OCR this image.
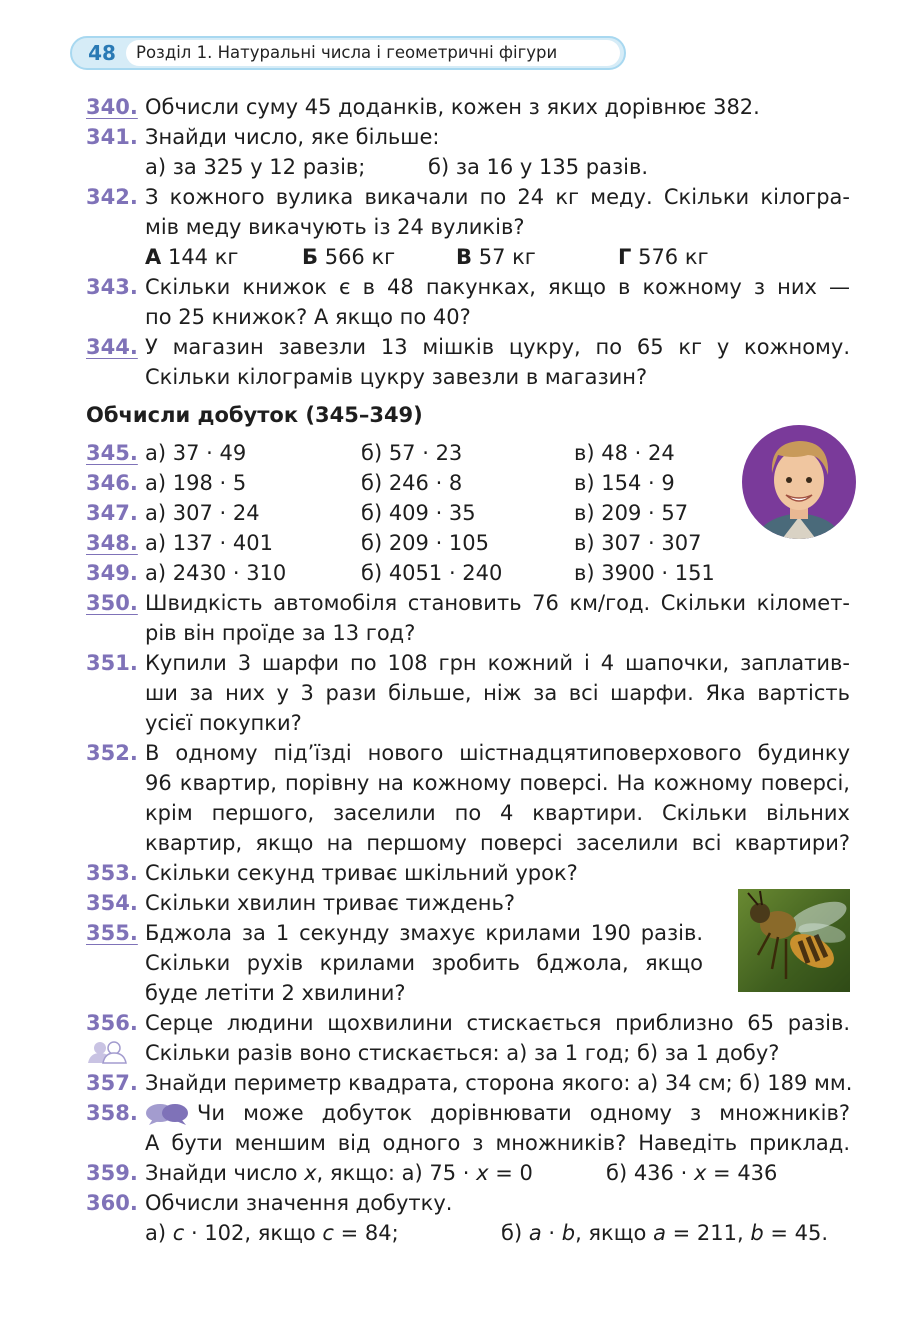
48	Розділ 1. Натуральні числа і геометричні фігури
340. Обчисли суму 45 доданків, кожен з яких дорівнює 382.
341. Знайди число, яке більше:
а) за 325 у 12 разів;	б) за 16 у 135 разів.
342. З кожного вулика викачали по 24 кг меду. Скільки кілогра-
мів меду викачують із 24 вуликів?
А 144 кг	Б 566 кг	В 57 кг	Г 576 кг
343. Скільки книжок є в 48 пакунках, якщо в кожному з них —
по 25 книжок? А якщо по 40?
344. У магазин завезли 13 мішків цукру, по 65 кг у кожному.
Скільки кілограмів цукру завезли в магазин?
Обчисли добуток (345–349)
345. а) 37 · 49	б) 57 · 23	в) 48 · 24
346. а) 198 · 5	б) 246 · 8	в) 154 · 9
347. а) 307 · 24	б) 409 · 35	в) 209 · 57
348. а) 137 · 401	б) 209 · 105	в) 307 · 307
349. а) 2430 · 310	б) 4051 · 240	в) 3900 · 151
350. Швидкість автомобіля становить 76 км/год. Скільки кіломет-
рів він проїде за 13 год?
351. Купили 3 шарфи по 108 грн кожний і 4 шапочки, заплатив-
ши за них у 3 рази більше, ніж за всі шарфи. Яка вартість
усієї покупки?
352. В одному під’їзді нового шістнадцятиповерхового будинку
96 квартир, порівну на кожному поверсі. На кожному поверсі,
крім першого, заселили по 4 квартири. Скільки вільних
квартир, якщо на першому поверсі заселили всі квартири?
353. Скільки секунд триває шкільний урок?
354. Скільки хвилин триває тиждень?
355. Бджола за 1 секунду змахує крилами 190 разів.
Скільки рухів крилами зробить бджола, якщо
буде летіти 2 хвилини?
356. Серце людини щохвилини стискається приблизно 65 разів.
Скільки разів воно стискається: а) за 1 год; б) за 1 добу?
357. Знайди периметр квадрата, сторона якого: а) 34 см; б) 189 мм.
358.	Чи може добуток дорівнювати одному з множників?
А бути меншим від одного з множників? Наведіть приклад.
359. Знайди число x, якщо: а) 75 · x = 0	б) 436 · x = 436
360. Обчисли значення добутку.
а) c · 102, якщо c = 84;	б) a · b, якщо a = 211, b = 45.
